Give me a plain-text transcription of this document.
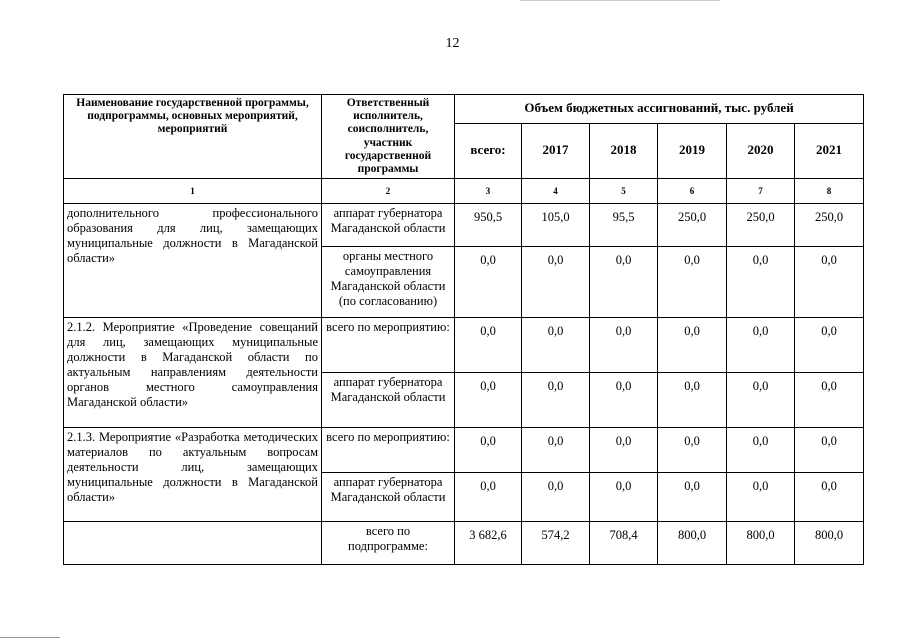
12
Наименование государственной программы, подпрограммы, основных мероприятий, мероприятий	Ответственный исполнитель, соисполнитель, участник государственной программы	Объем бюджетных ассигнований, тыс. рублей					
		всего:	2017	2018	2019	2020	2021
1	2	3	4	5	6	7	8
дополнительного профессионального образования для лиц, замещающих муниципальные должности в Магаданской области»	аппарат губернатора Магаданской области	950,5	105,0	95,5	250,0	250,0	250,0
	органы местного самоуправления Магаданской области (по согласованию)	0,0	0,0	0,0	0,0	0,0	0,0
2.1.2. Мероприятие «Проведение совещаний для лиц, замещающих муниципальные должности в Магаданской области по актуальным направлениям деятельности органов местного самоуправления Магаданской области»	всего по мероприятию:	0,0	0,0	0,0	0,0	0,0	0,0
	аппарат губернатора Магаданской области	0,0	0,0	0,0	0,0	0,0	0,0
2.1.3. Мероприятие «Разработка методических материалов по актуальным вопросам деятельности лиц, замещающих муниципальные должности в Магаданской области»	всего по мероприятию:	0,0	0,0	0,0	0,0	0,0	0,0
	аппарат губернатора Магаданской области	0,0	0,0	0,0	0,0	0,0	0,0
	всего по подпрограмме:	3 682,6	574,2	708,4	800,0	800,0	800,0
